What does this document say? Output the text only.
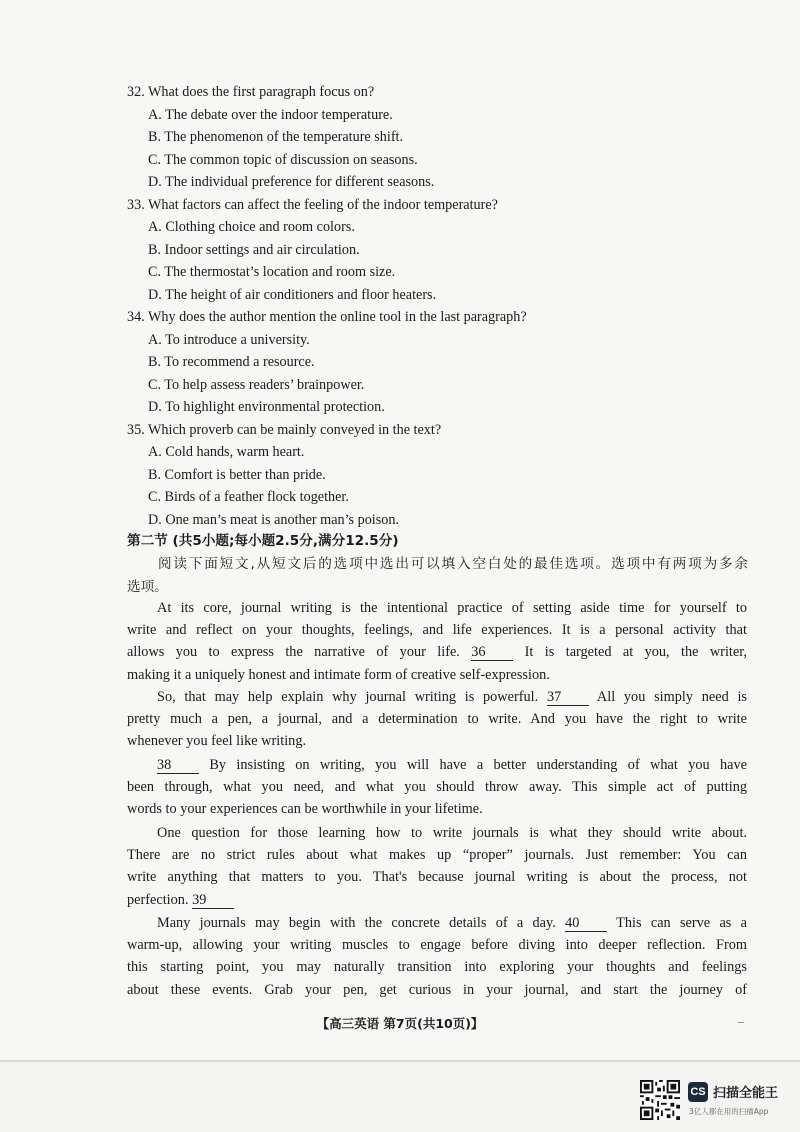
32. What does the first paragraph focus on?
A. The debate over the indoor temperature.
B. The phenomenon of the temperature shift.
C. The common topic of discussion on seasons.
D. The individual preference for different seasons.
33. What factors can affect the feeling of the indoor temperature?
A. Clothing choice and room colors.
B. Indoor settings and air circulation.
C. The thermostat’s location and room size.
D. The height of air conditioners and floor heaters.
34. Why does the author mention the online tool in the last paragraph?
A. To introduce a university.
B. To recommend a resource.
C. To help assess readers’ brainpower.
D. To highlight environmental protection.
35. Which proverb can be mainly conveyed in the text?
A. Cold hands, warm heart.
B. Comfort is better than pride.
C. Birds of a feather flock together.
D. One man’s meat is another man’s poison.
第二节 (共5小题;每小题2.5分,满分12.5分)
阅读下面短文,从短文后的选项中选出可以填入空白处的最佳选项。选项中有两项为多余
选项。
At its core, journal writing is the intentional practice of setting aside time for yourself to
write and reflect on your thoughts, feelings, and life experiences. It is a personal activity that
allows you to express the narrative of your life. 36	It is targeted at you, the writer,
making it a uniquely honest and intimate form of creative self-expression.
So, that may help explain why journal writing is powerful. 37 All you simply need is
pretty much a pen, a journal, and a determination to write. And you have the right to write
whenever you feel like writing.
38	By insisting on writing, you will have a better understanding of what you have
been through, what you need, and what you should throw away. This simple act of putting
words to your experiences can be worthwhile in your lifetime.
One question for those learning how to write journals is what they should write about.
There are no strict rules about what makes up “proper” journals. Just remember: You can
write anything that matters to you. That's because journal writing is about the process, not
perfection. 39
Many journals may begin with the concrete details of a day. 40	This can serve as a
warm-up, allowing your writing muscles to engage before diving into deeper reflection. From
this starting point, you may naturally transition into exploring your thoughts and feelings
about these events. Grab your pen, get curious in your journal, and start the journey of
【高三英语 第7页(共10页)】	–
CS 扫描全能王
3亿人都在用的扫描App
